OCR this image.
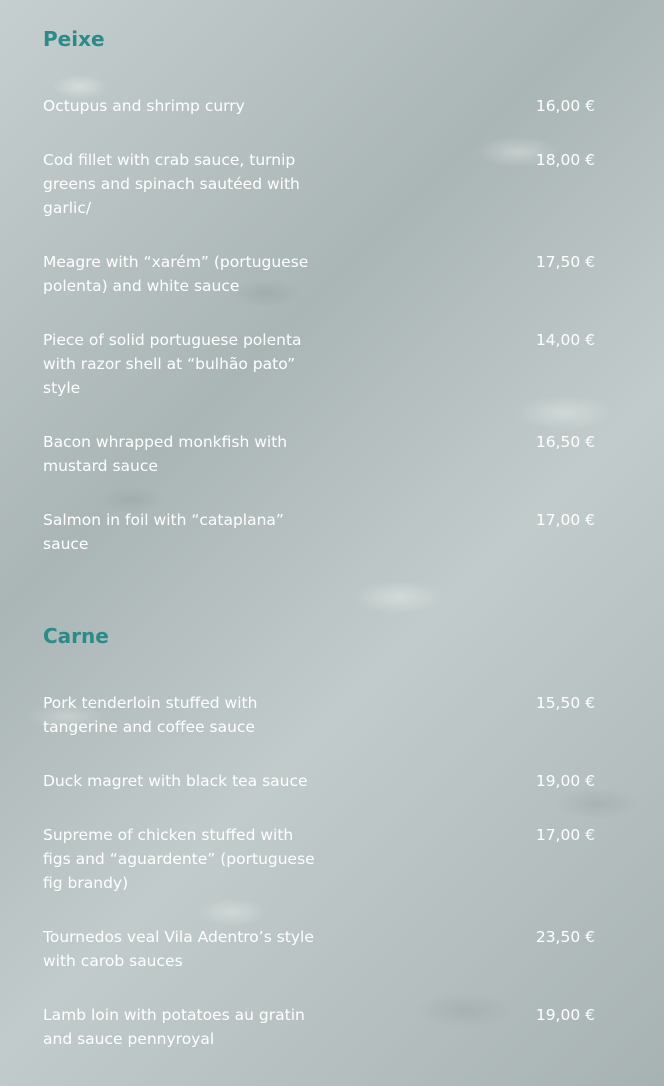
Peixe
Octupus and shrimp curry	16,00 €
Cod fillet with crab sauce, turnip greens and spinach sautéed with garlic/
18,00 €
Meagre with “xarém” (portuguese polenta) and white sauce
17,50 €
Piece of solid portuguese polenta with razor shell at “bulhão pato” style
14,00 €
Bacon whrapped monkfish with mustard sauce
16,50 €
Salmon in foil with “cataplana” sauce
17,00 €
Carne
Pork tenderloin stuffed with tangerine and coffee sauce
15,50 €
Duck magret with black tea sauce	19,00 €
Supreme of chicken stuffed with figs and “aguardente” (portuguese fig brandy)
17,00 €
Tournedos veal Vila Adentro’s style with carob sauces
23,50 €
Lamb loin with potatoes au gratin and sauce pennyroyal
19,00 €
